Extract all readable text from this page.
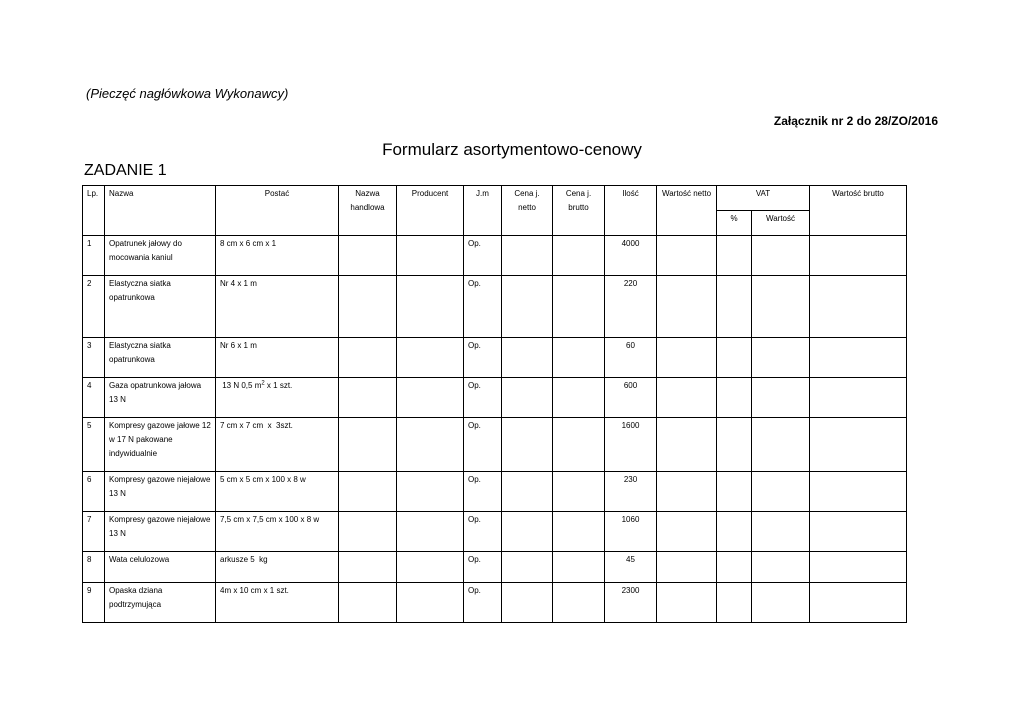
(Pieczęć nagłówkowa Wykonawcy)
Załącznik nr 2 do 28/ZO/2016
Formularz asortymentowo-cenowy
ZADANIE 1
Lp.	Nazwa	Postać	Nazwa handlowa	Producent	J.m	Cena j. netto	Cena j. brutto	Ilość	Wartość netto	VAT		Wartość brutto
										%	Wartość	
1	Opatrunek jałowy do mocowania kaniul	8 cm x 6 cm x 1			Op.			4000				
2	Elastyczna siatka opatrunkowa	Nr 4 x 1 m			Op.			220				
3	Elastyczna siatka opatrunkowa	Nr 6 x 1 m			Op.			60				
4	Gaza opatrunkowa jałowa 13 N	13 N 0,5 $m^2$ x 1 szt.			Op.			600				
5	Kompresy gazowe jałowe 12 w 17 N pakowane indywidualnie	7 cm x 7 cm  x  3szt.			Op.			1600				
6	Kompresy gazowe niejałowe 13 N	5 cm x 5 cm x 100 x 8 w			Op.			230				
7	Kompresy gazowe niejałowe 13 N	7,5 cm x 7,5 cm x 100 x 8 w			Op.			1060				
8	Wata celulozowa	arkusze 5  kg			Op.			45				
9	Opaska dziana podtrzymująca	4m x 10 cm x 1 szt.			Op.			2300				
